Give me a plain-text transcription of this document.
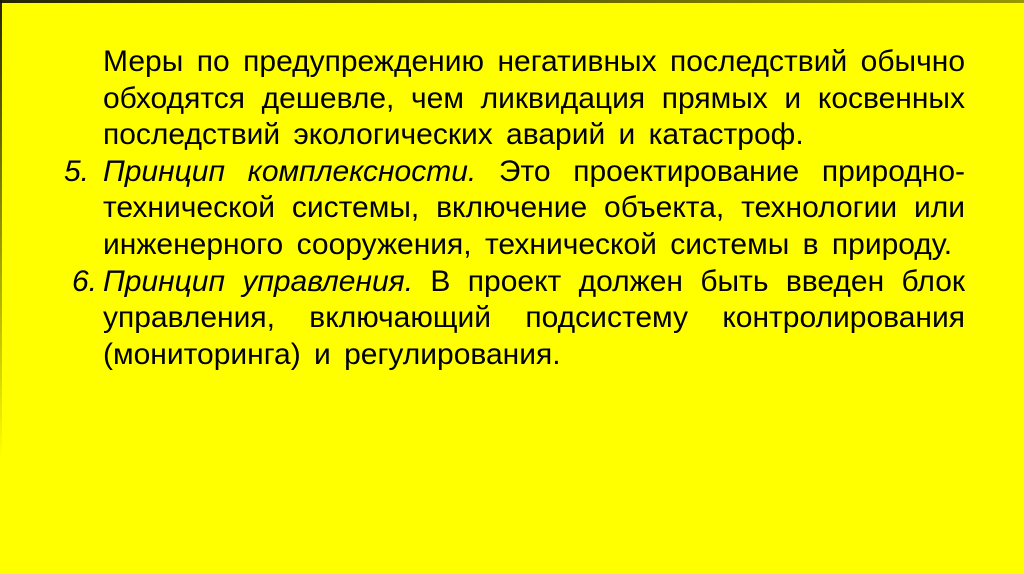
Меры по предупреждению негативных последствий обычно обходятся дешевле, чем ликвидация прямых и косвенных последствий экологических аварий и катастроф.

5. Принцип комплексности. Это проектирование природно-технической системы, включение объекта, технологии или инженерного сооружения, технической системы в природу.

6. Принцип управления. В проект должен быть введен блок управления, включающий подсистему контролирования (мониторинга) и регулирования.
